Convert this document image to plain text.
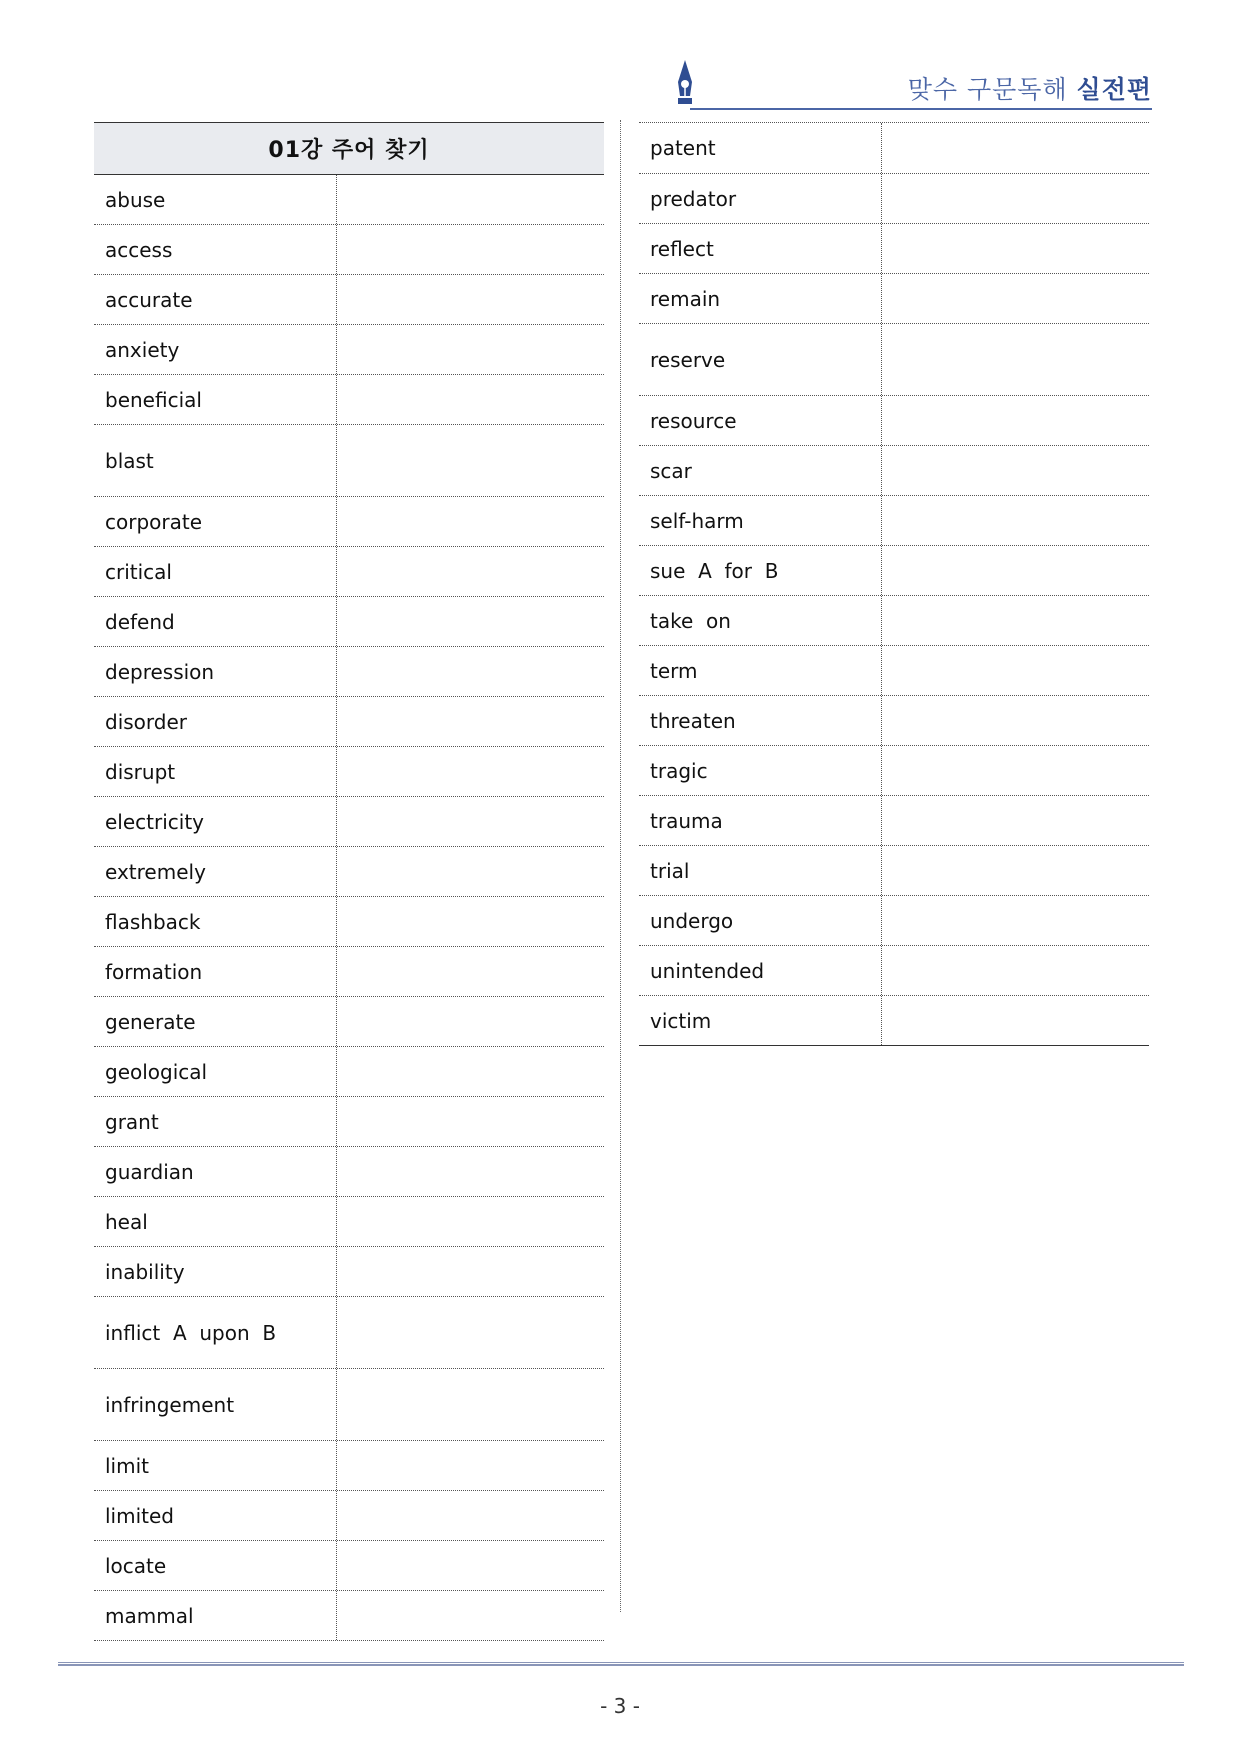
맞수 구문독해 실전편
01강 주어 찾기
abuse
access
accurate
anxiety
beneficial
blast
corporate
critical
defend
depression
disorder
disrupt
electricity
extremely
flashback
formation
generate
geological
grant
guardian
heal
inability
inflict  A  upon  B
infringement
limit
limited
locate
mammal
patent
predator
reflect
remain
reserve
resource
scar
self-harm
sue  A  for  B
take  on
term
threaten
tragic
trauma
trial
undergo
unintended
victim
- 3 -
